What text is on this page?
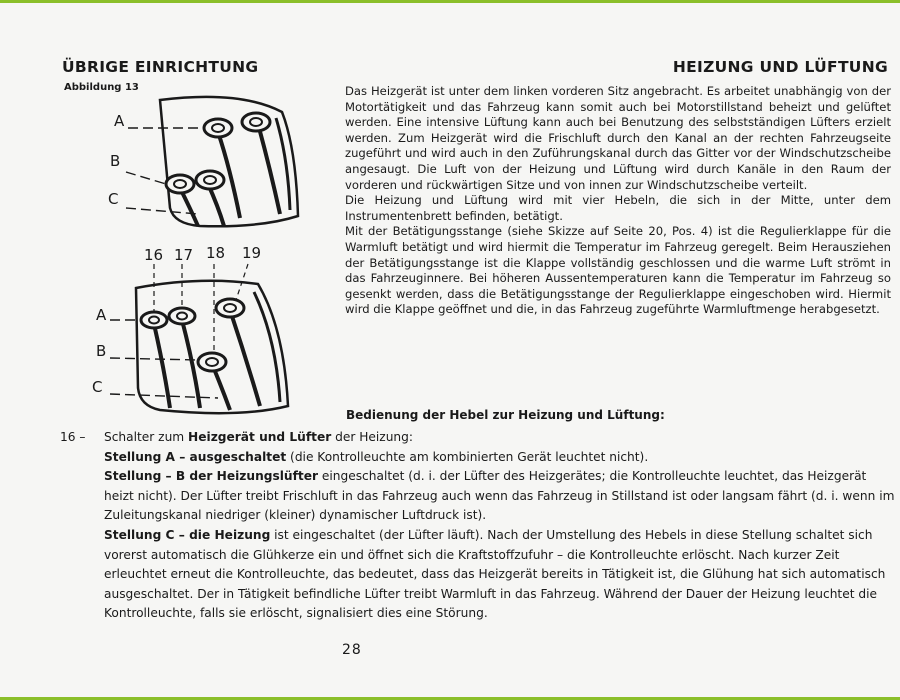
ÜBRIGE EINRICHTUNG	HEIZUNG UND LÜFTUNG
Abbildung 13
A
B
C
16 17 18 19
A
B
C

Das Heizgerät ist unter dem linken vorderen Sitz angebracht. Es arbeitet unabhängig von der Motortätigkeit und das Fahrzeug kann somit auch bei Motorstillstand beheizt und gelüftet werden. Eine intensive Lüftung kann auch bei Benutzung des selbstständigen Lüfters erzielt werden. Zum Heizgerät wird die Frischluft durch den Kanal an der rechten Fahrzeugseite zugeführt und wird auch in den Zuführungskanal durch das Gitter vor der Windschutzscheibe angesaugt. Die Luft von der Heizung und Lüftung wird durch Kanäle in den Raum der vorderen und rückwärtigen Sitze und von innen zur Windschutzscheibe verteilt.

Die Heizung und Lüftung wird mit vier Hebeln, die sich in der Mitte, unter dem Instrumentenbrett befinden, betätigt.

Mit der Betätigungsstange (siehe Skizze auf Seite 20, Pos. 4) ist die Regulierklappe für die Warmluft betätigt und wird hiermit die Temperatur im Fahrzeug geregelt. Beim Herausziehen der Betätigungsstange ist die Klappe vollständig geschlossen und die warme Luft strömt in das Fahrzeuginnere. Bei höheren Aussentemperaturen kann die Temperatur im Fahrzeug so gesenkt werden, dass die Betätigungsstange der Regulierklappe eingeschoben wird. Hiermit wird die Klappe geöffnet und die, in das Fahrzeug zugeführte Warmluftmenge herabgesetzt.

Bedienung der Hebel zur Heizung und Lüftung:
16 –	Schalter zum Heizgerät und Lüfter der Heizung:
Stellung A – ausgeschaltet (die Kontrolleuchte am kombinierten Gerät leuchtet nicht).
Stellung – B der Heizungslüfter eingeschaltet (d. i. der Lüfter des Heizgerätes; die Kontrolleuchte leuchtet, das Heizgerät heizt nicht). Der Lüfter treibt Frischluft in das Fahrzeug auch wenn das Fahrzeug in Stillstand ist oder langsam fährt (d. i. wenn im Zuleitungskanal niedriger (kleiner) dynamischer Luftdruck ist).
Stellung C – die Heizung ist eingeschaltet (der Lüfter läuft). Nach der Umstellung des Hebels in diese Stellung schaltet sich vorerst automatisch die Glühkerze ein und öffnet sich die Kraftstoffzufuhr – die Kontrolleuchte erlöscht. Nach kurzer Zeit erleuchtet erneut die Kontrolleuchte, das bedeutet, dass das Heizgerät bereits in Tätigkeit ist, die Glühung hat sich automatisch ausgeschaltet. Der in Tätigkeit befindliche Lüfter treibt Warmluft in das Fahrzeug. Während der Dauer der Heizung leuchtet die Kontrolleuchte, falls sie erlöscht, signalisiert dies eine Störung.
28
